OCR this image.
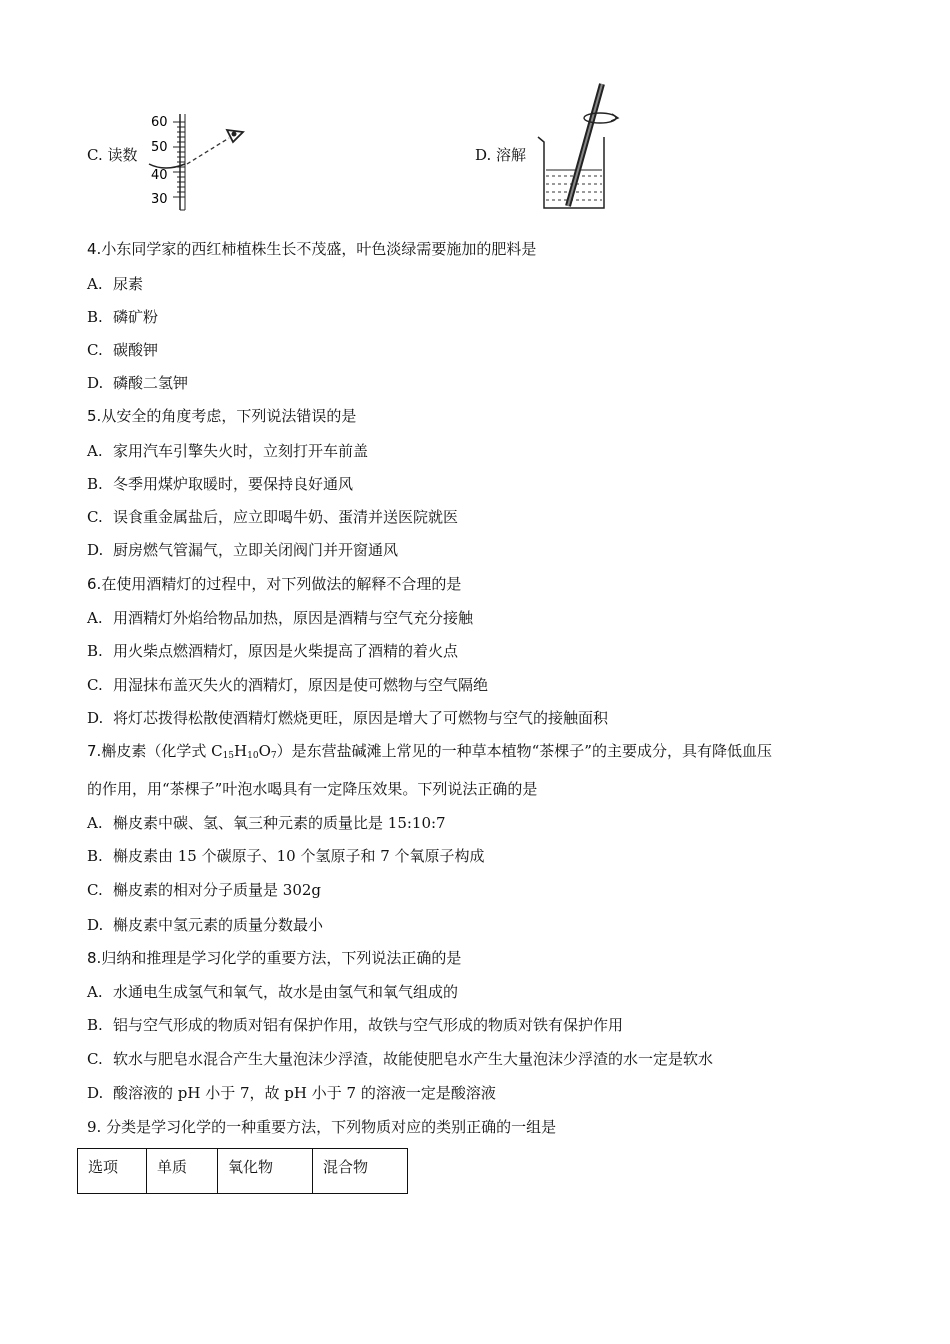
C. 读数
60
50
40
30
D. 溶解
4.小东同学家的西红柿植株生长不茂盛，叶色淡绿需要施加的肥料是
A. 尿素
B. 磷矿粉
C. 碳酸钾
D. 磷酸二氢钾
5.从安全的角度考虑，下列说法错误的是
A. 家用汽车引擎失火时，立刻打开车前盖
B. 冬季用煤炉取暖时，要保持良好通风
C. 误食重金属盐后，应立即喝牛奶、蛋清并送医院就医
D. 厨房燃气管漏气，立即关闭阀门并开窗通风
6.在使用酒精灯的过程中，对下列做法的解释不合理的是
A. 用酒精灯外焰给物品加热，原因是酒精与空气充分接触
B. 用火柴点燃酒精灯，原因是火柴提高了酒精的着火点
C. 用湿抹布盖灭失火的酒精灯，原因是使可燃物与空气隔绝
D. 将灯芯拨得松散使酒精灯燃烧更旺，原因是增大了可燃物与空气的接触面积
7.槲皮素（化学式 $C_{15}H_{10}O_7$）是东营盐碱滩上常见的一种草本植物“茶棵子”的主要成分，具有降低血压
的作用，用“茶棵子”叶泡水喝具有一定降压效果。下列说法正确的是
A. 槲皮素中碳、氢、氧三种元素的质量比是 15:10:7
B. 槲皮素由 15 个碳原子、10 个氢原子和 7 个氧原子构成
C. 槲皮素的相对分子质量是 302g
D. 槲皮素中氢元素的质量分数最小
8.归纳和推理是学习化学的重要方法，下列说法正确的是
A. 水通电生成氢气和氧气，故水是由氢气和氧气组成的
B. 铝与空气形成的物质对铝有保护作用，故铁与空气形成的物质对铁有保护作用
C. 软水与肥皂水混合产生大量泡沫少浮渣，故能使肥皂水产生大量泡沫少浮渣的水一定是软水
D. 酸溶液的 pH 小于 7，故 pH 小于 7 的溶液一定是酸溶液
9. 分类是学习化学的一种重要方法，下列物质对应的类别正确的一组是
选项	单质	氧化物	混合物
